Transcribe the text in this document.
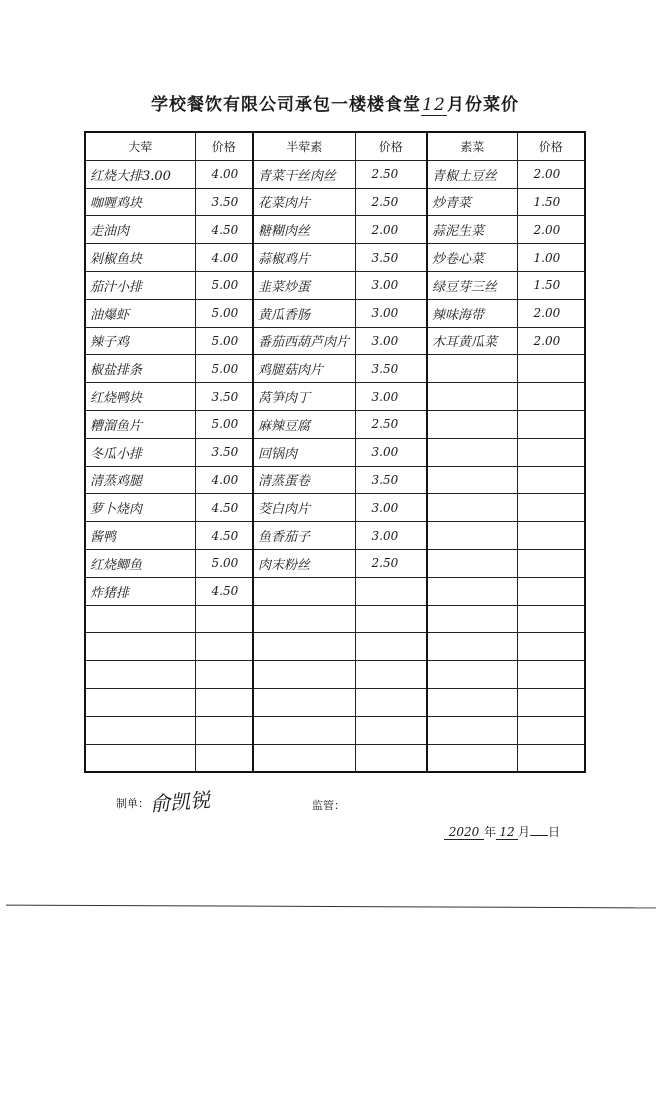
学校餐饮有限公司承包一楼楼食堂12月份菜价
大荤	价格	半荤素	价格	素菜	价格
红烧大排3.00	4.00	青菜干丝肉丝	2.50	青椒土豆丝	2.00
咖喱鸡块	3.50	花菜肉片	2.50	炒青菜	1.50
走油肉	4.50	糖糊肉丝	2.00	蒜泥生菜	2.00
剁椒鱼块	4.00	蒜椒鸡片	3.50	炒卷心菜	1.00
茄汁小排	5.00	韭菜炒蛋	3.00	绿豆芽三丝	1.50
油爆虾	5.00	黄瓜香肠	3.00	辣味海带	2.00
辣子鸡	5.00	番茄西葫芦肉片	3.00	木耳黄瓜菜	2.00
椒盐排条	5.00	鸡腿菇肉片	3.50		
红烧鸭块	3.50	莴笋肉丁	3.00		
糟溜鱼片	5.00	麻辣豆腐	2.50		
冬瓜小排	3.50	回锅肉	3.00		
清蒸鸡腿	4.00	清蒸蛋卷	3.50		
萝卜烧肉	4.50	茭白肉片	3.00		
酱鸭	4.50	鱼香茄子	3.00		
红烧鲫鱼	5.00	肉末粉丝	2.50		
炸猪排	4.50				

制单： 俞凯锐	监管：
2020 年 12 月 日
